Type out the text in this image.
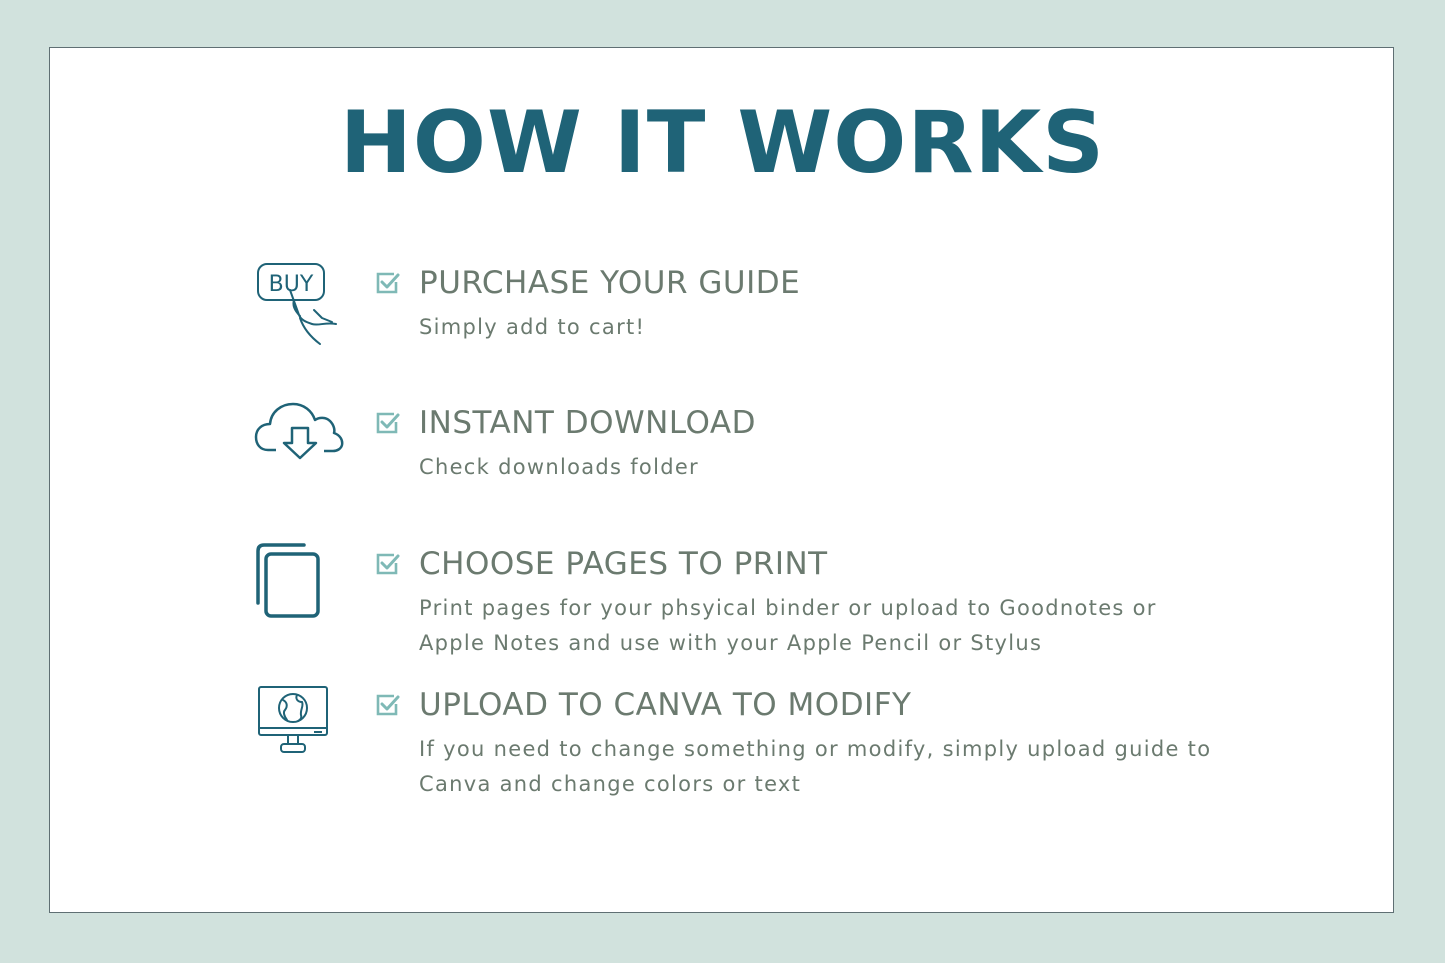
HOW IT WORKS
BUY	PURCHASE YOUR GUIDE

Simply add to cart!

INSTANT DOWNLOAD

Check downloads folder

CHOOSE PAGES TO PRINT

Print pages for your phsyical binder or upload to Goodnotes or Apple Notes and use with your Apple Pencil or Stylus

UPLOAD TO CANVA TO MODIFY

If you need to change something or modify, simply upload guide to Canva and change colors or text
